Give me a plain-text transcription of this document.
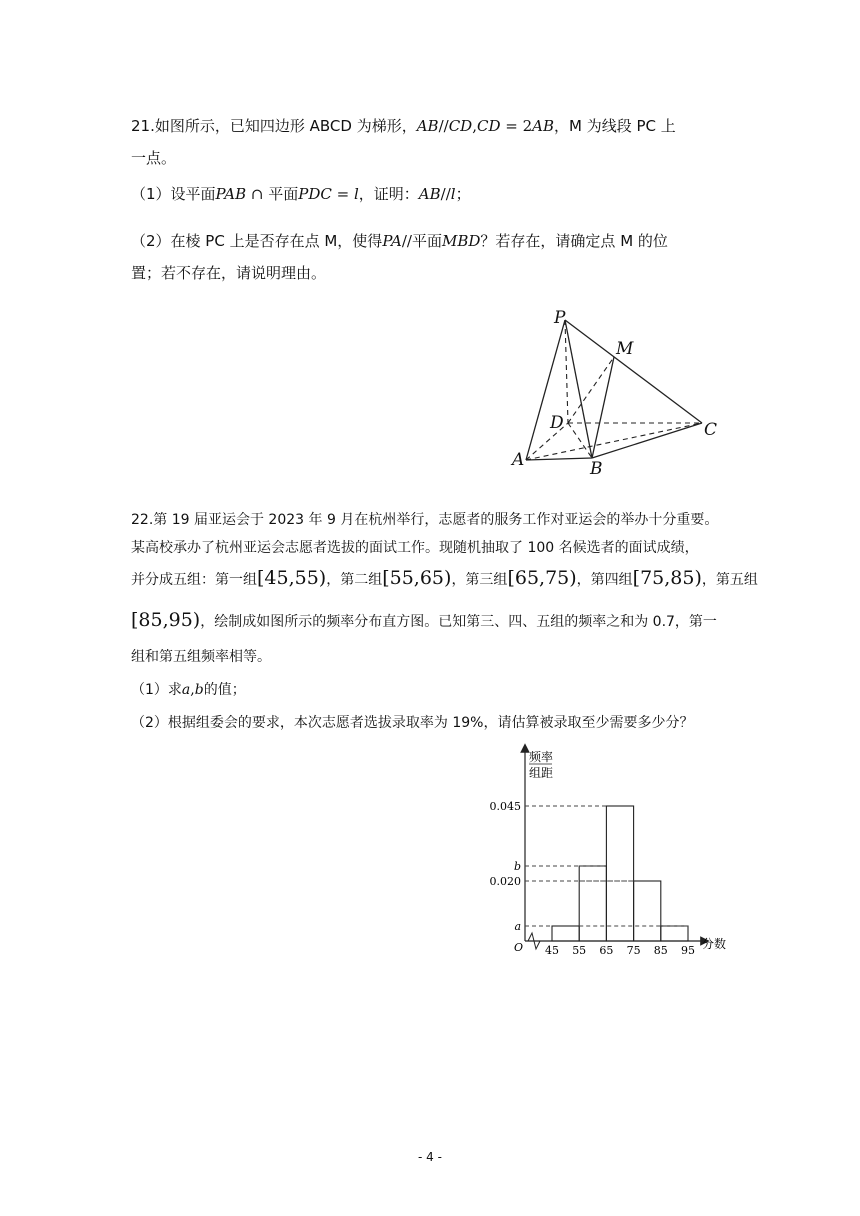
21.如图所示，已知四边形 ABCD 为梯形，AB//CD,CD = 2AB，M 为线段 PC 上
一点。
（1）设平面PAB ∩ 平面PDC = l，证明：AB//l；
（2）在棱 PC 上是否存在点 M，使得PA//平面MBD？若存在，请确定点 M 的位
置；若不存在，请说明理由。
P
M
D	C
A	B
22.第 19 届亚运会于 2023 年 9 月在杭州举行，志愿者的服务工作对亚运会的举办十分重要。
某高校承办了杭州亚运会志愿者选拔的面试工作。现随机抽取了 100 名候选者的面试成绩，
并分成五组：第一组[45,55)，第二组[55,65)，第三组[65,75)，第四组[75,85)，第五组
[85,95)，绘制成如图所示的频率分布直方图。已知第三、四、五组的频率之和为 0.7，第一
组和第五组频率相等。
（1）求a,b的值；
（2）根据组委会的要求，本次志愿者选拔录取率为 19%，请估算被录取至少需要多少分？
频率
组距
分数
O 45 55 65 75 85 95
0.045
b
0.020
a
- 4 -
